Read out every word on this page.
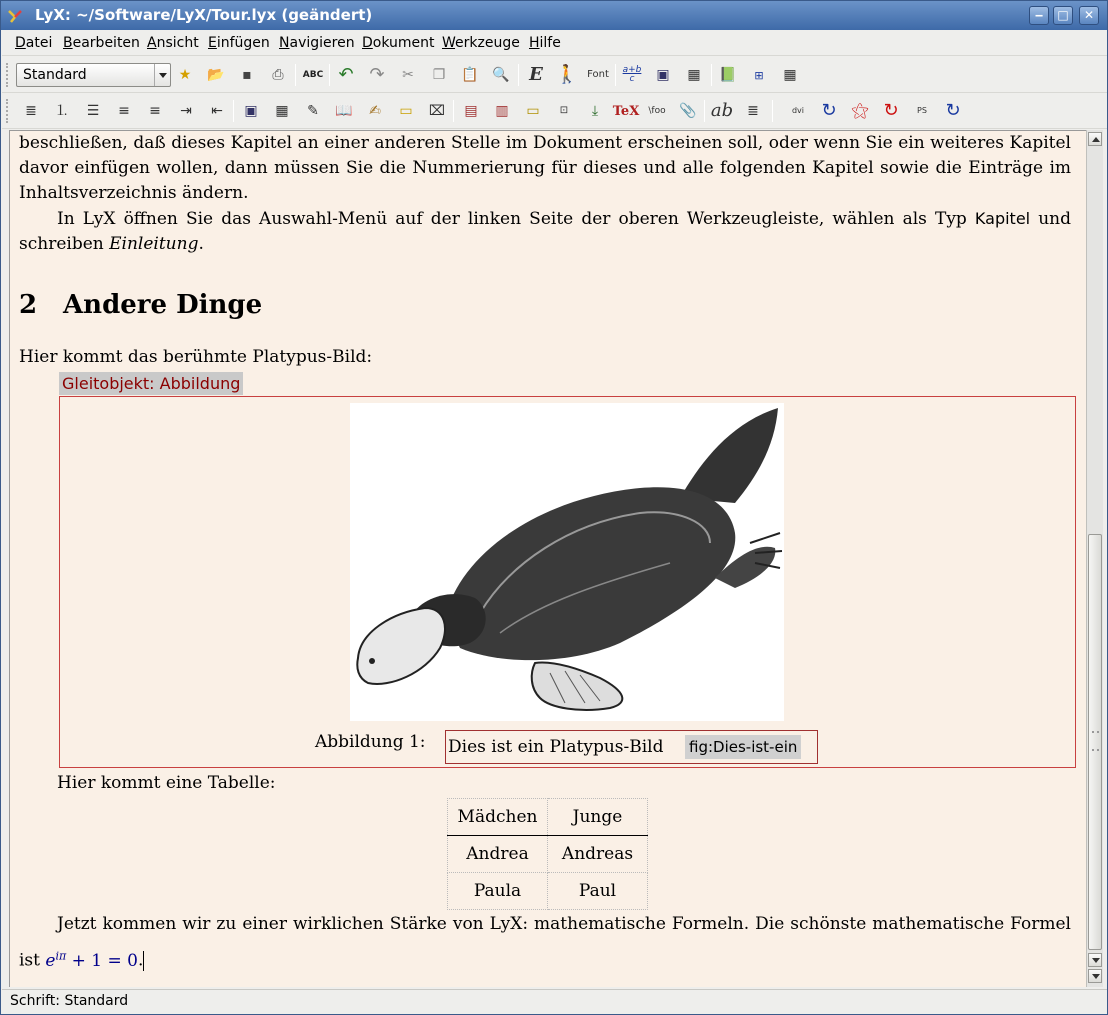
LyX: ~/Software/LyX/Tour.lyx (geändert)	‒	□	✕
Datei Bearbeiten Ansicht Einfügen Navigieren Dokument Werkzeuge Hilfe
Standard	★	📂	▪	⎙	ABC ↶ ↷	✂	❐	📋 🔍 E 🚶 Font a+b
c	▣	▦	📗	⊞	▦
≣	⒈	☰	≡	≡	⇥	⇤	▣	▦	✎	📖	✍	▭	⌧	▤	▥	▭	⊡	⤓	TeX	\foo 📎 ab	≣	dvi ↻ ⚝ ↻	PS	↻

beschließen, daß dieses Kapitel an einer anderen Stelle im Dokument erscheinen soll, oder wenn Sie ein weiteres Kapitel davor einfügen wollen, dann müssen Sie die Nummerierung für dieses und alle folgenden Kapitel sowie die Einträge im Inhaltsverzeichnis ändern.

In LyX öffnen Sie das Auswahl-Menü auf der linken Seite der oberen Werkzeugleiste, wählen als Typ Kapitel und schreiben Einleitung.

2 Andere Dinge

Hier kommt das berühmte Platypus-Bild:

Gleitobjekt: Abbildung
Abbildung 1: Dies ist ein Platypus-Bild fig:Dies-ist-ein

Hier kommt eine Tabelle:

Mädchen	Junge
Andrea	Andreas
Paula	Paul

Jetzt kommen wir zu einer wirklichen Stärke von LyX: mathematische Formeln. Die schönste mathematische Formel ist $e^{i\pi} + 1 = 0$.

Schrift: Standard
